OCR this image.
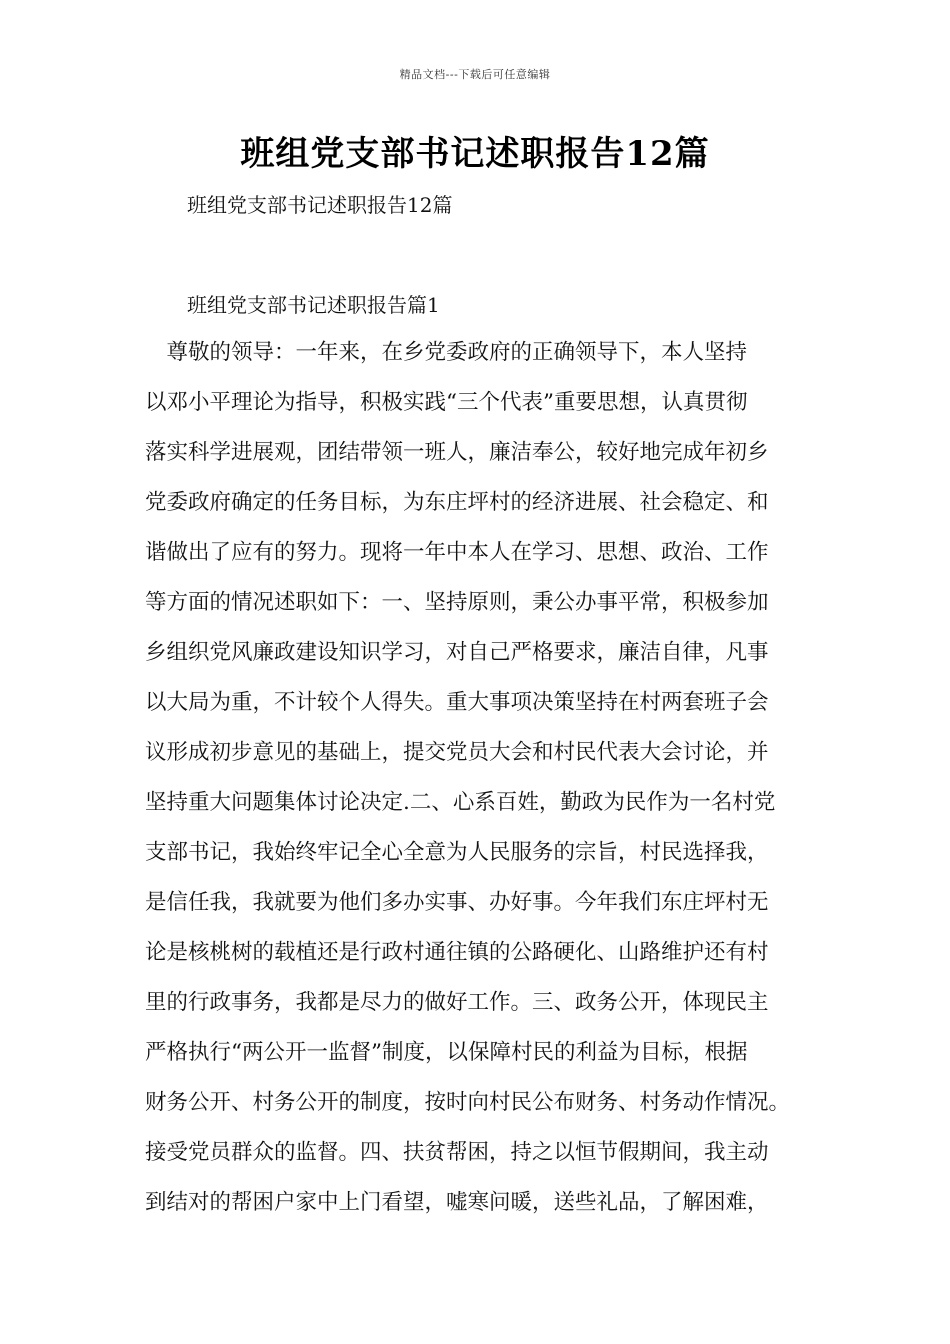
精品文档---下载后可任意编辑
班组党支部书记述职报告12篇
班组党支部书记述职报告12篇
班组党支部书记述职报告篇1
　尊敬的领导：一年来，在乡党委政府的正确领导下，本人坚持
以邓小平理论为指导，积极实践“三个代表”重要思想，认真贯彻
落实科学进展观，团结带领一班人，廉洁奉公，较好地完成年初乡
党委政府确定的任务目标，为东庄坪村的经济进展、社会稳定、和
谐做出了应有的努力。现将一年中本人在学习、思想、政治、工作
等方面的情况述职如下：一、坚持原则，秉公办事平常，积极参加
乡组织党风廉政建设知识学习，对自己严格要求，廉洁自律，凡事
以大局为重，不计较个人得失。重大事项决策坚持在村两套班子会
议形成初步意见的基础上，提交党员大会和村民代表大会讨论，并
坚持重大问题集体讨论决定.二、心系百姓，勤政为民作为一名村党
支部书记，我始终牢记全心全意为人民服务的宗旨，村民选择我，
是信任我，我就要为他们多办实事、办好事。今年我们东庄坪村无
论是核桃树的载植还是行政村通往镇的公路硬化、山路维护还有村
里的行政事务，我都是尽力的做好工作。三、政务公开，体现民主
严格执行“两公开一监督”制度，以保障村民的利益为目标，根据
财务公开、村务公开的制度，按时向村民公布财务、村务动作情况。
接受党员群众的监督。四、扶贫帮困，持之以恒节假期间，我主动
到结对的帮困户家中上门看望，嘘寒问暖，送些礼品，了解困难，
